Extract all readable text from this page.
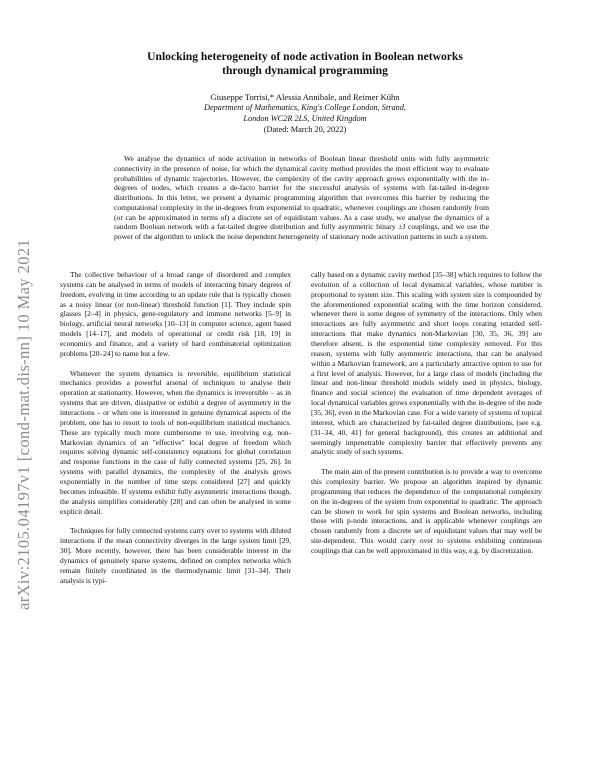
arXiv:2105.04197v1 [cond-mat.dis-nn] 10 May 2021
Unlocking heterogeneity of node activation in Boolean networks
through dynamical programming
Giuseppe Torrisi,* Alessia Annibale, and Reimer Kühn
Department of Mathematics, King's College London, Strand,
London WC2R 2LS, United Kingdom
(Dated: March 20, 2022)

We analyse the dynamics of node activation in networks of Boolean linear threshold units with fully asymmetric connectivity in the presence of noise, for which the dynamical cavity method provides the most efficient way to evaluate probabilities of dynamic trajectories. However, the complexity of the cavity approach grows exponentially with the in-degrees of nodes, which creates a de-facto barrier for the successful analysis of systems with fat-tailed in-degree distributions. In this letter, we present a dynamic programming algorithm that overcomes this barrier by reducing the computational complexity in the in-degrees from exponential to quadratic, whenever couplings are chosen randomly from (or can be approximated in terms of) a discrete set of equidistant values. As a case study, we analyse the dynamics of a random Boolean network with a fat-tailed degree distribution and fully asymmetric binary ±J couplings, and we use the power of the algorithm to unlock the noise dependent heterogeneity of stationary node activation patterns in such a system.

The collective behaviour of a broad range of disordered and complex systems can be analysed in terms of models of interacting binary degrees of freedom, evolving in time according to an update rule that is typically chosen as a noisy linear (or non-linear) threshold function [1]. They include spin glasses [2–4] in physics, gene-regulatory and immune networks [5–9] in biology, artificial neural networks [10–13] in computer science, agent based models [14–17], and models of operational or credit risk [18, 19] in economics and finance, and a variety of hard combinatorial optimization problems [20–24] to name but a few.

Whenever the system dynamics is reversible, equilibrium statistical mechanics provides a powerful arsenal of techniques to analyse their operation at stationarity. However, when the dynamics is irreversible – as in systems that are driven, dissipative or exhibit a degree of asymmetry in the interactions – or when one is interested in genuine dynamical aspects of the problem, one has to resort to tools of non-equilibrium statistical mechanics. These are typically much more cumbersome to use, involving e.g. non-Markovian dynamics of an "effective" local degree of freedom which requires solving dynamic self-consistency equations for global correlation and response functions in the case of fully connected systems [25, 26]. In systems with parallel dynamics, the complexity of the analysis grows exponentially in the number of time steps considered [27] and quickly becomes infeasible. If systems exhibit fully asymmetric interactions though, the analysis simplifies considerably [28] and can often be analysed in some explicit detail.

Techniques for fully connected systems carry over to systems with diluted interactions if the mean connectivity diverges in the large system limit [29, 30]. More recently, however, there has been considerable interest in the dynamics of genuinely sparse systems, defined on complex networks which remain finitely coordinated in the thermodynamic limit [31–34]. Their analysis is typi-

cally based on a dynamic cavity method [35–38] which requires to follow the evolution of a collection of local dynamical variables, whose number is proportional to system size. This scaling with system size is compounded by the aforementioned exponential scaling with the time horizon considered, whenever there is some degree of symmetry of the interactions. Only when interactions are fully asymmetric and short loops creating retarded self-interactions that make dynamics non-Markovian [30, 35, 36, 39] are therefore absent, is the exponential time complexity removed. For this reason, systems with fully asymmetric interactions, that can be analysed within a Markovian framework, are a particularly attractive option to use for a first level of analysis. However, for a large class of models (including the linear and non-linear threshold models widely used in physics, biology, finance and social science) the evaluation of time dependent averages of local dynamical variables grows exponentially with the in-degree of the node [35, 36], even in the Markovian case. For a wide variety of systems of topical interest, which are characterized by fat-tailed degree distributions, (see e.g. [31–34, 40, 41] for general background), this creates an additional and seemingly impenetrable complexity barrier that effectively prevents any analytic study of such systems.

The main aim of the present contribution is to provide a way to overcome this complexity barrier. We propose an algorithm inspired by dynamic programming that reduces the dependence of the computational complexity on the in-degrees of the system from exponential to quadratic. The approach can be shown to work for spin systems and Boolean networks, including those with p-node interactions, and is applicable whenever couplings are chosen randomly from a discrete set of equidistant values that may well be site-dependent. This would carry over to systems exhibiting continuous couplings that can be well approximated in this way, e.g. by discretization.
